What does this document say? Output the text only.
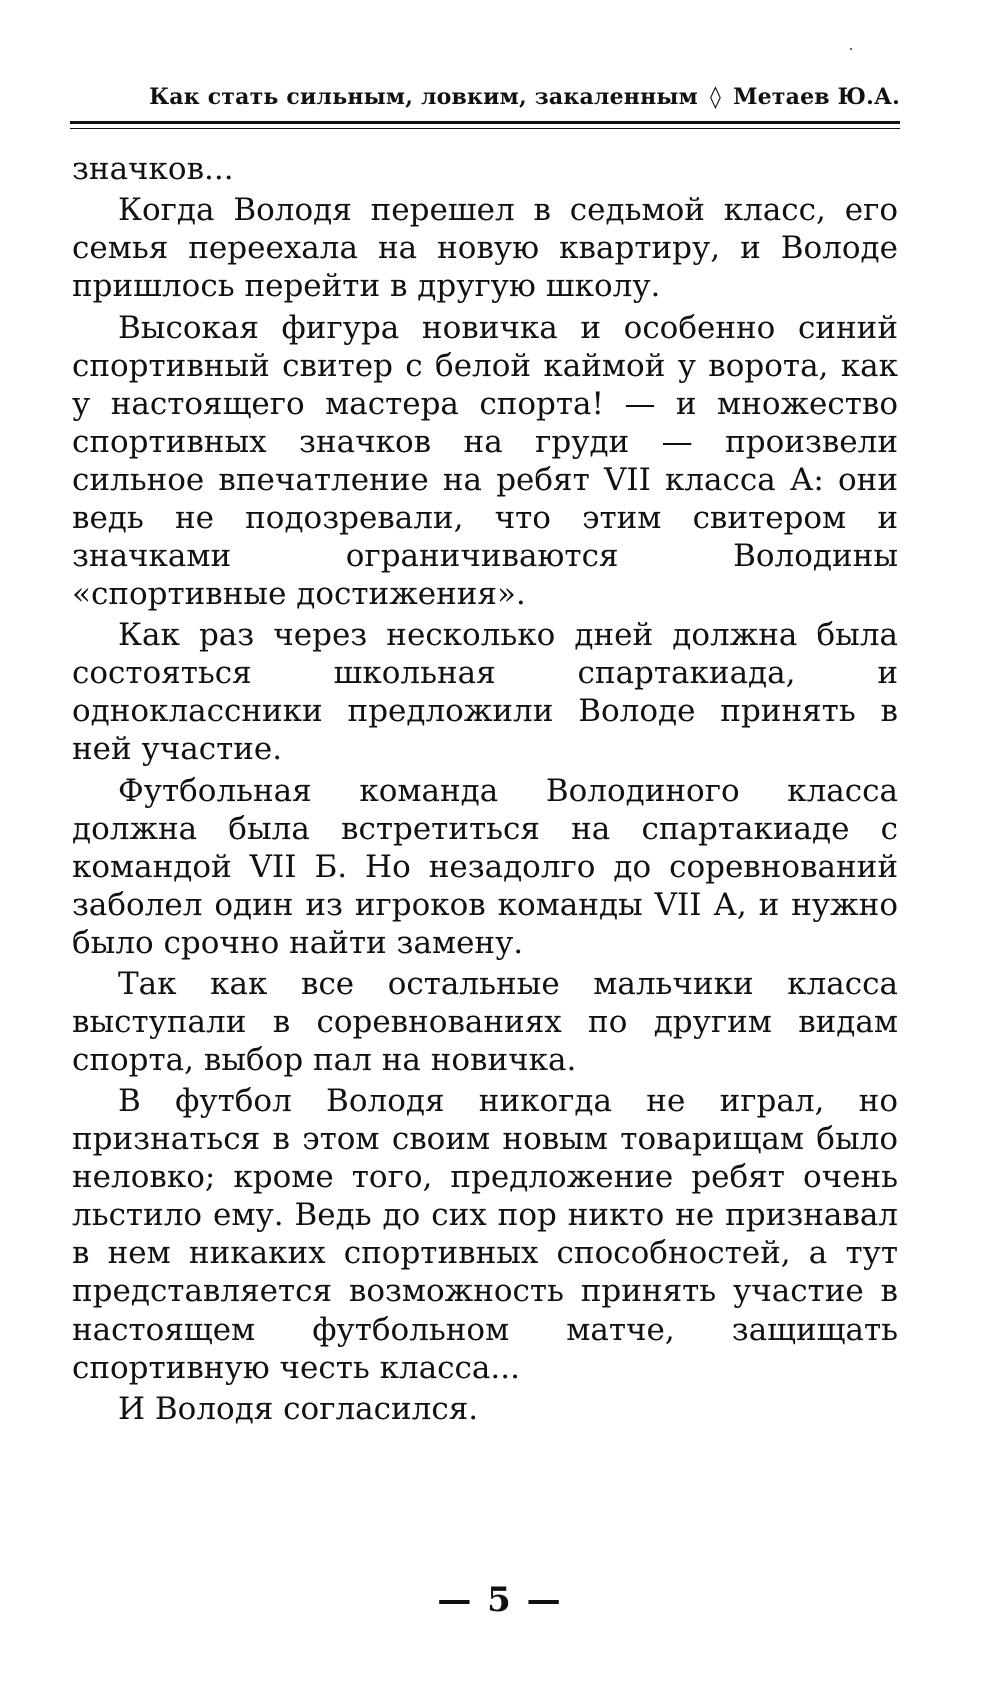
Как стать сильным, ловким, закаленным ◊ Метаев Ю.А.

значков...

Когда Володя перешел в седьмой класс, его семья переехала на новую квартиру, и Володе пришлось перейти в другую школу.

Высокая фигура новичка и особенно синий спортивный свитер с белой каймой у ворота, как у настоящего мастера спорта! — и множество спортивных значков на груди — произвели сильное впечатление на ребят VII класса А: они ведь не подозревали, что этим свитером и значками ограничиваются Володины «спортивные достижения».

Как раз через несколько дней должна была состояться школьная спартакиада, и одноклассники предложили Володе принять в ней участие.

Футбольная команда Володиного класса должна была встретиться на спартакиаде с командой VII Б. Но незадолго до соревнований заболел один из игроков команды VII А, и нужно было срочно найти замену.

Так как все остальные мальчики класса выступали в соревнованиях по другим видам спорта, выбор пал на новичка.

В футбол Володя никогда не играл, но признаться в этом своим новым товарищам было неловко; кроме того, предложение ребят очень льстило ему. Ведь до сих пор никто не признавал в нем никаких спортивных способностей, а тут представляется возможность принять участие в настоящем футбольном матче, защищать спортивную честь класса...

И Володя согласился.

— 5 —
